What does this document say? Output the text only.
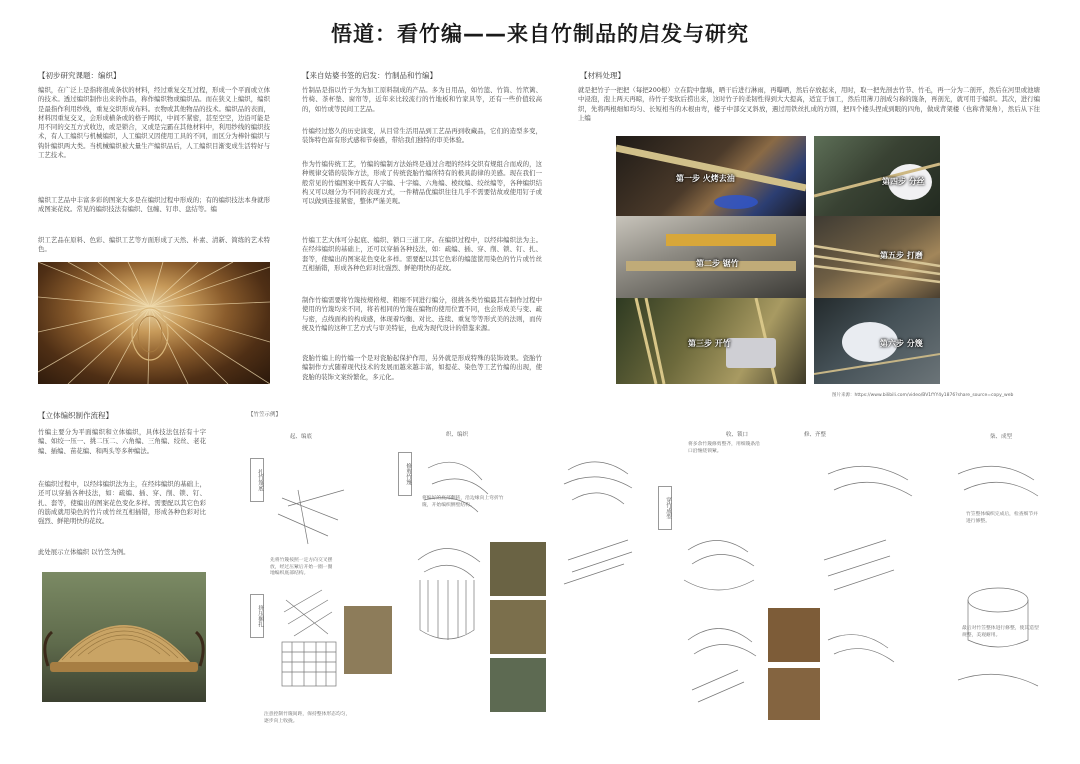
悟道：看竹编——来自竹制品的启发与研究
【初步研究课题：编织】
编织，在广泛上是指将很成条状的材料，经过重复交互过程，形成一个平面或立体的技术。透过编织制作出来的作品，称作编织物或编织品。而在狭义上编织，编织是最指作利用纱线，重复交织形成布料。衣物或其他物品的技术。编织品的表面，材料因重复交叉，会形成横条或的格子网状，中间不紧密，甚至空空，边沿可能是用不同的交互方式收边，或是锁合，又或是完霸在其他材料中，利用纱线的编织技术，有人工编织与机械编织，人工编织又因使用工具的不同，而区分为棒针编织与钩针编织两大类。当机械编织被大量生产编织品后，人工编织目渐变成生活特好与工艺技术。
编织工艺品中丰富多彩的图案大多是在编织过程中形成的；有的编织技法本身就形成图案花纹。常见的编织技法有编织、包缠、钉串、盘结等。编
织工艺品在原料、色彩、编织工艺等方面形成了天然、朴素、清新、简练的艺术特色。
【来自姑婆书签的启发：竹制品和竹编】
竹制品是指以竹子为为加工原料制成的产品。多为日用品，如竹篮、竹筒、竹笊篱、竹椅、茶杯垫、窗帘等，近年来比较流行的竹地板和竹家具等，还有一些价值较高的，如竹或等民间工艺品。
竹编经过悠久的历史演变，从目常生活用品到工艺品再到收藏品，它们的造型多变，装饰特色富有形式感和节奏感，带给我们独特的审美体验。
作为竹编传统工艺，竹编的编制方法始终是通过合理的经纬交织有规组合而成的，这种规律交错的装饰方法，形成了传统瓷胎竹编所特有的极具韵律的美感。现在我们一般常见的竹编图案中既有人字编、十字编、六角编、棱纹编、绞丝编等，各种编织结构又可以细分为不同的表现方式，一件精品优编织往往几乎不需要钻故或使用钉子或可以做到连接紧密，整体严谨美观。
竹编工艺大体可分起底、编织、锁口三道工序。在编织过程中，以经纬编织法为主。在经纬编织的基础上，还可以穿插各种技法，如：疏编、插、穿、削、锁、钉、扎、套等，使编出的图案花色变化多样。需要配以其它色彩的编篮筐用染色的竹片或竹丝互相插错，形成各种色彩对比强烈、鲜艳明快的花纹。
制作竹编需要将竹篾按规格规、粗细不同进行编分，很挑各类竹编最其在制作过程中使用的竹篾均来不同，将若相同的竹篾在编物的使用位置不同，也会形成美与变、疏与密，点线面构的构成感，体现着均衡、对比、连续、重复等等形式美的法则，而传统及竹编的这种工艺方式与审美特征，也成为现代设计的借鉴来源。
瓷胎竹编上的竹编一个是对瓷胎起保护作用，另外就是形成特殊的装饰效果。瓷胎竹编制作方式随着现代技术的发展而越来越丰富，如提花、染色等工艺竹编的出现，使瓷胎的装饰文案纷繁化，多元化。
【材料处理】
就是把竹子一把把（每把200根）立在院中靠墙，晒干后进行淋雨，再曝晒，然后存放起来，用时，取一把先剖去竹节、竹毛，再一分为二剖开，然后在河里或池塘中浸泡，泡上两天再晾，待竹子变软后捞出来，这时竹子的柔韧性得到大大提高，适宜于加工，然后用薄刀剖成匀称的篾条，再剖光，就可用于编织。其次，进行编织，先将两根细如均匀、长短相当的木根由弯，楼子中部交叉斜放，遇过用铁丝扎成的方圆，把四个楼头捏成到眼的四角，做成背架楼（也称背架角），然后从下往上编
第一步 火烤去油
第二步 锯竹
第三步 开竹
第四步 分丝
第五步 打磨
第六步 分篾
图片来源：https://www.bilibili.com/video/BV1fYY4y1876?share_source=copy_web
【立体编织制作流程】
竹编主要分为平面编织和立体编织，具体技法包括有十字编、如绞一压一、挑二压二、六角编、三角编、绞丝、老花编、插编、苗花编、和两头等多种编法。
在编织过程中，以经纬编织法为主，在经纬编织的基础上，还可以穿插各种技法，如：疏编、插、穿、削、锁、钉、扎、套等，使编出的图案花色变化多样。需要配以其它色彩的筋成就用染色的竹片或竹丝互相插错，形成各种色彩对比强烈、鲜艳明快的花纹。
此处展示立体编织 以竹笠为例。
【竹笠示例】
起、编底	织、编织	收、锁口	修、齐整	柒、成型
扎竹篾底
挤压捆扎
修剪竹篾
穿竹成型
先将竹篾按照一定方向交叉摆放，经过压紧后开始一圈一圈地编织底部结构。
将编好的底部翻转，沿边缘向上弯折竹篾，开始编织侧壁结构。
注意控制竹篾间距，保持整体形态均匀，逐步向上收拢。
将多余竹篾修剪整齐，用细篾条沿口沿缠绕锁紧。
竹笠整体编织完成后，检查细节并进行修整。
最后对竹笠整体进行修整，使其造型规整，美观耐用。
